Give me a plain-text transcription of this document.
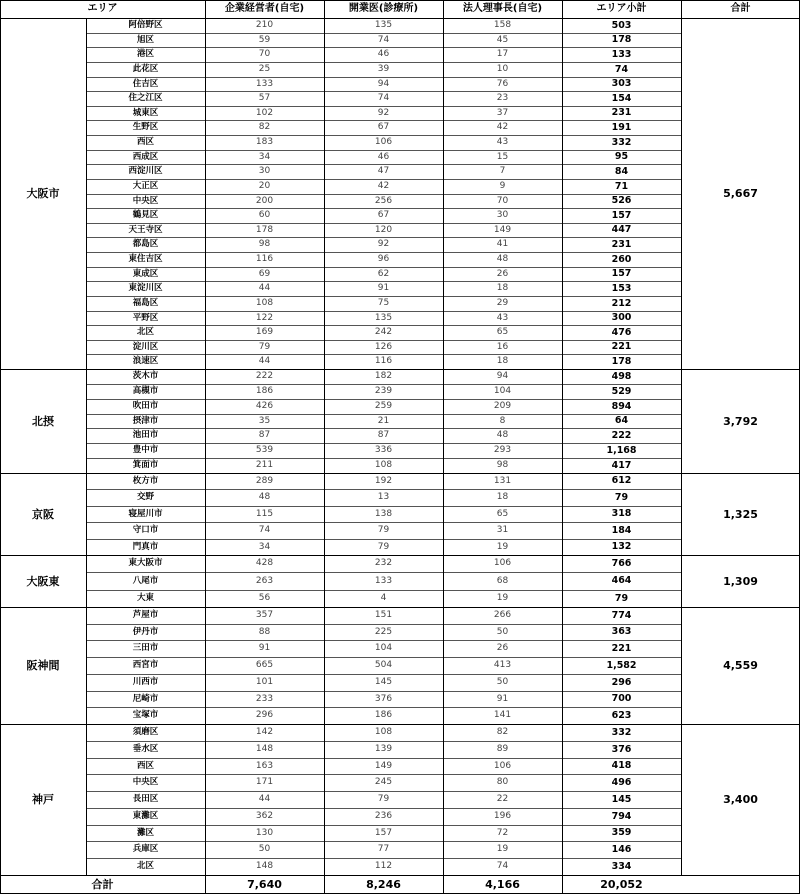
エリア	企業経営者(自宅)	開業医(診療所)	法人理事長(自宅)	エリア小計	合計
大阪市	5,667
阿倍野区	210	135	158	503
旭区	59	74	45	178
港区	70	46	17	133
此花区	25	39	10	74
住吉区	133	94	76	303
住之江区	57	74	23	154
城東区	102	92	37	231
生野区	82	67	42	191
西区	183	106	43	332
西成区	34	46	15	95
西淀川区	30	47	7	84
大正区	20	42	9	71
中央区	200	256	70	526
鶴見区	60	67	30	157
天王寺区	178	120	149	447
都島区	98	92	41	231
東住吉区	116	96	48	260
東成区	69	62	26	157
東淀川区	44	91	18	153
福島区	108	75	29	212
平野区	122	135	43	300
北区	169	242	65	476
淀川区	79	126	16	221
浪速区	44	116	18	178
北摂	3,792
茨木市	222	182	94	498
高槻市	186	239	104	529
吹田市	426	259	209	894
摂津市	35	21	8	64
池田市	87	87	48	222
豊中市	539	336	293	1,168
箕面市	211	108	98	417
京阪	1,325
枚方市	289	192	131	612
交野	48	13	18	79
寝屋川市	115	138	65	318
守口市	74	79	31	184
門真市	34	79	19	132
大阪東	1,309
東大阪市	428	232	106	766
八尾市	263	133	68	464
大東	56	4	19	79
阪神間	4,559
芦屋市	357	151	266	774
伊丹市	88	225	50	363
三田市	91	104	26	221
西宮市	665	504	413	1,582
川西市	101	145	50	296
尼崎市	233	376	91	700
宝塚市	296	186	141	623
神戸	3,400
須磨区	142	108	82	332
垂水区	148	139	89	376
西区	163	149	106	418
中央区	171	245	80	496
長田区	44	79	22	145
東灘区	362	236	196	794
灘区	130	157	72	359
兵庫区	50	77	19	146
北区	148	112	74	334
合計	7,640	8,246	4,166	20,052
